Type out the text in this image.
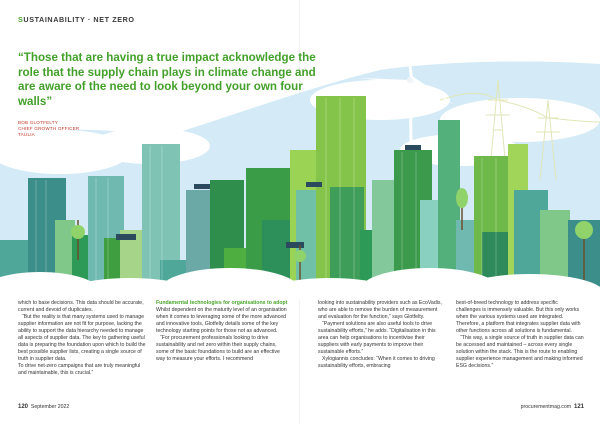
SUSTAINABILITY · NET ZERO
“Those that are having a true impact acknowledge the role that the supply chain plays in climate change and are aware of the need to look beyond your own four walls”
BOB GLOTFELTY
CHIEF GROWTH OFFICER
TAULIA

which to base decisions. This data should be accurate, current and devoid of duplicates.

“But the reality is that many systems used to manage supplier information are not fit for purpose, lacking the ability to support the data hierarchy needed to manage all aspects of supplier data. The key to gathering useful data is preparing the foundation upon which to build the best possible supplier lists, creating a single source of truth in supplier data.

To drive net-zero campaigns that are truly meaningful and maintainable, this is crucial.”

Fundamental technologies for organisations to adopt

Whilst dependent on the maturity level of an organisation when it comes to leveraging some of the more advanced and innovative tools, Glotfelty details some of the key technology starting points for those not as advanced.

“For procurement professionals looking to drive sustainability and net zero within their supply chains, some of the basic foundations to build are an effective way to measure your efforts. I recommend

looking into sustainability providers such as EcoVadis, who are able to remove the burden of measurement and evaluation for the function,” says Glotfelty.

“Payment solutions are also useful tools to drive sustainability efforts,” he adds. “Digitalisation in this area can help organisations to incentivise their suppliers with early payments to improve their sustainable efforts.”

Xylogiannis concludes: “When it comes to driving sustainability efforts, embracing

best-of-breed technology to address specific challenges is immensely valuable. But this only works when the various systems used are integrated. Therefore, a platform that integrates supplier data with other functions across all solutions is fundamental.

“This way, a single source of truth in supplier data can be accessed and maintained – across every single solution within the stack. This is the route to enabling supplier experience management and making informed ESG decisions.”

120 September 2022	procurementmag.com 121
